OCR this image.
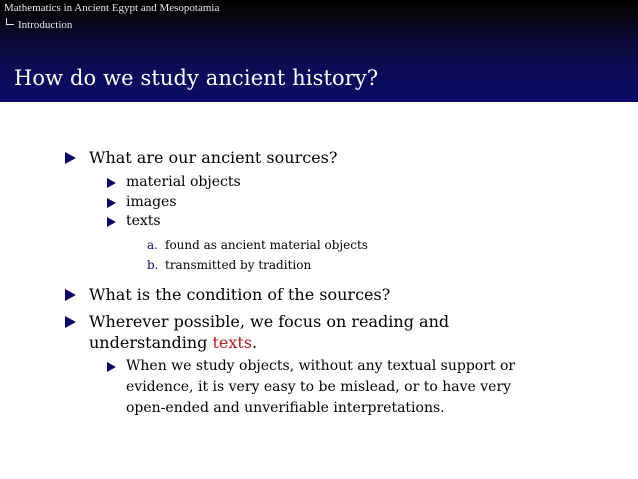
Mathematics in Ancient Egypt and Mesopotamia
Introduction
How do we study ancient history?
What are our ancient sources?
material objects
images
texts
a. found as ancient material objects
b. transmitted by tradition
What is the condition of the sources?
Wherever possible, we focus on reading and
understanding texts.
When we study objects, without any textual support or
evidence, it is very easy to be mislead, or to have very
open-ended and unverifiable interpretations.
